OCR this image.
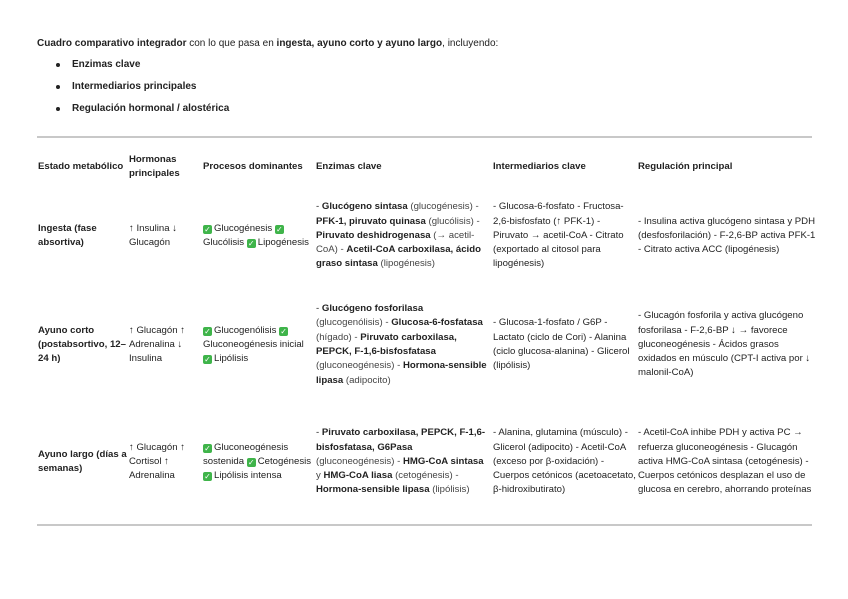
Cuadro comparativo integrador con lo que pasa en ingesta, ayuno corto y ayuno largo, incluyendo:
Enzimas clave
Intermediarios principales
Regulación hormonal / alostérica
Estado metabólico	Hormonas principales	Procesos dominantes	Enzimas clave	Intermediarios clave	Regulación principal
Ingesta (fase absortiva)	↑ Insulina ↓ Glucagón	✓ Glucogénesis ✓Glucólisis ✓ Lipogénesis	- Glucógeno sintasa (glucogénesis) - PFK-1, piruvato quinasa (glucólisis) - Piruvato deshidrogenasa (→ acetil-CoA) - Acetil-CoA carboxilasa, ácido graso sintasa (lipogénesis)	- Glucosa-6-fosfato - Fructosa-2,6-bisfosfato (↑ PFK-1) - Piruvato → acetil-CoA - Citrato (exportado al citosol para lipogénesis)	- Insulina activa glucógeno sintasa y PDH (desfosforilación) - F-2,6-BP activa PFK-1 - Citrato activa ACC (lipogénesis)
Ayuno corto (postabsortivo, 12–24 h)	↑ Glucagón ↑ Adrenalina ↓ Insulina	✓ Glucogenólisis ✓Gluconeogénesis inicial ✓ Lipólisis	- Glucógeno fosforilasa (glucogenólisis) - Glucosa-6-fosfatasa (hígado) - Piruvato carboxilasa, PEPCK, F-1,6-bisfosfatasa (gluconeogénesis) - Hormona-sensible lipasa (adipocito)	- Glucosa-1-fosfato / G6P - Lactato (ciclo de Cori) - Alanina (ciclo glucosa-alanina) - Glicerol (lipólisis)	- Glucagón fosforila y activa glucógeno fosforilasa - F-2,6-BP ↓ → favorece gluconeogénesis - Ácidos grasos oxidados en músculo (CPT-I activa por ↓ malonil-CoA)
Ayuno largo (días a semanas)	↑ Glucagón ↑ Cortisol ↑ Adrenalina	✓ Gluconeogénesis sostenida ✓ Cetogénesis ✓ Lipólisis intensa	- Piruvato carboxilasa, PEPCK, F-1,6-bisfosfatasa, G6Pasa (gluconeogénesis) - HMG-CoA sintasa y HMG-CoA liasa (cetogénesis) - Hormona-sensible lipasa (lipólisis)	- Alanina, glutamina (músculo) - Glicerol (adipocito) - Acetil-CoA (exceso por β-oxidación) - Cuerpos cetónicos (acetoacetato, β-hidroxibutirato)	- Acetil-CoA inhibe PDH y activa PC → refuerza gluconeogénesis - Glucagón activa HMG-CoA sintasa (cetogénesis) - Cuerpos cetónicos desplazan el uso de glucosa en cerebro, ahorrando proteínas
